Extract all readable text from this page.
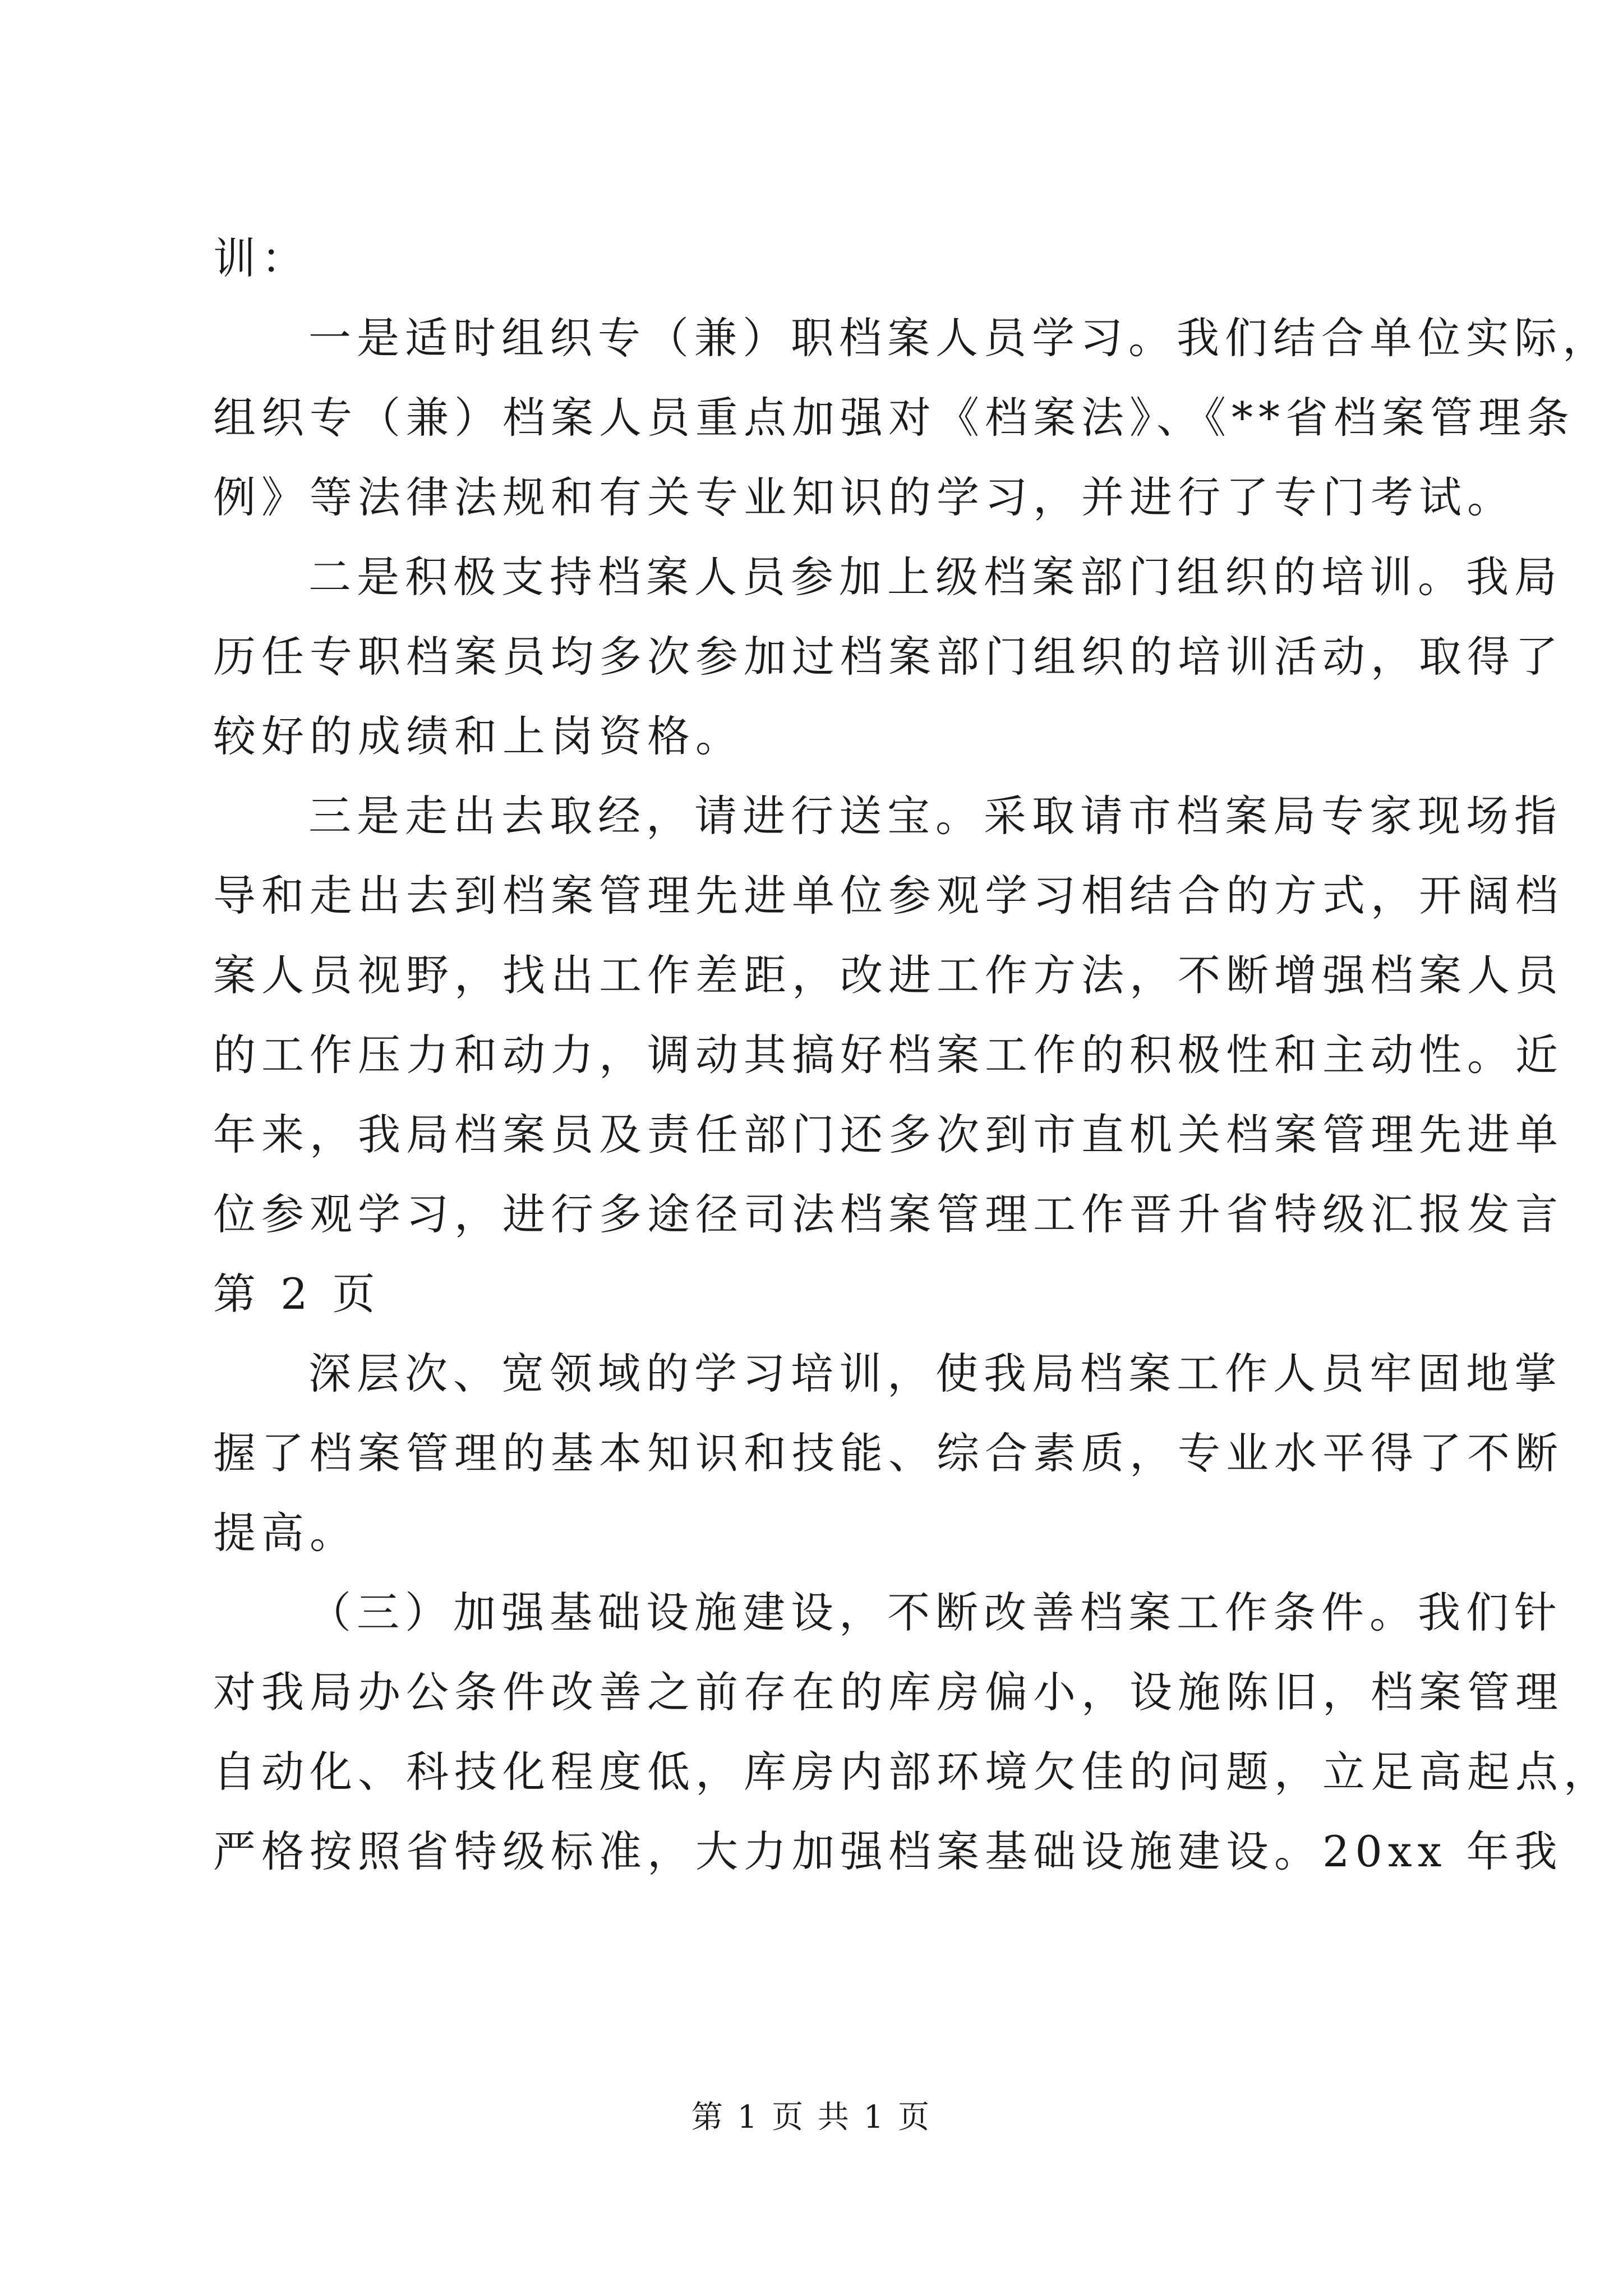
训：
一是适时组织专（兼）职档案人员学习。我们结合单位实际，
组织专（兼）档案人员重点加强对《档案法》、《**省档案管理条
例》等法律法规和有关专业知识的学习，并进行了专门考试。
二是积极支持档案人员参加上级档案部门组织的培训。我局
历任专职档案员均多次参加过档案部门组织的培训活动，取得了
较好的成绩和上岗资格。
三是走出去取经，请进行送宝。采取请市档案局专家现场指
导和走出去到档案管理先进单位参观学习相结合的方式，开阔档
案人员视野，找出工作差距，改进工作方法，不断增强档案人员
的工作压力和动力，调动其搞好档案工作的积极性和主动性。近
年来，我局档案员及责任部门还多次到市直机关档案管理先进单
位参观学习，进行多途径司法档案管理工作晋升省特级汇报发言
第 2 页
深层次、宽领域的学习培训，使我局档案工作人员牢固地掌
握了档案管理的基本知识和技能、综合素质，专业水平得了不断
提高。
（三）加强基础设施建设，不断改善档案工作条件。我们针
对我局办公条件改善之前存在的库房偏小，设施陈旧，档案管理
自动化、科技化程度低，库房内部环境欠佳的问题，立足高起点，
严格按照省特级标准，大力加强档案基础设施建设。20xx 年我
第 1 页 共 1 页
